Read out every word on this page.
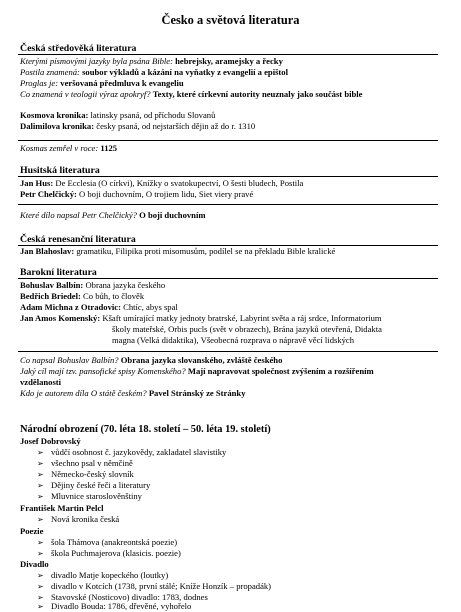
Česko a světová literatura
Česká středověká literatura
Kterými písmovými jazyky byla psána Bible: hebrejsky, aramejsky a řecky
Postila znamená: soubor výkladů a kázání na vyňatky z evangelií a epištol
Proglas je: veršovaná předmluva k evangeliu
Co znamená v teologii výraz apokryf? Texty, které církevní autority neuznaly jako součást bible
Kosmova kronika: latinsky psaná, od příchodu Slovanů
Dalimilova kronika: česky psaná, od nejstarších dějin až do r. 1310
Kosmas zemřel v roce: 1125
Husitská literatura
Jan Hus: De Ecclesia (O církvi), Knížky o svatokupectví, O šesti bludech, Postila
Petr Chelčický: O boji duchovním, O trojiem lidu, Siet viery pravé
Které dílo napsal Petr Chelčický? O boji duchovním
Česká renesanční literatura
Jan Blahoslav: gramatiku, Filipika proti misomusům, podílel se na překladu Bible kralické
Barokní literatura
Bohuslav Balbín: Obrana jazyka českého
Bedřich Briedel: Co bůh, to člověk
Adam Michna z Otradovic: Chtíc, abys spal
Jan Amos Komenský: Kšaft umírající matky jednoty bratrské, Labyrint světa a ráj srdce, Informatorium
školy mateřské, Orbis pucls (svět v obrazech), Brána jazyků otevřená, Didakta
magna (Velká didaktika), Všeobecná rozprava o nápravě věcí lidských
Co napsal Bohuslav Balbín? Obrana jazyka slovanského, zvláště českého
Jaký cíl mají tzv. pansofické spisy Komenského? Mají napravovat společnost zvýšením a rozšířením
vzdělanosti
Kdo je autorem díla O státě českém? Pavel Stránský ze Stránky
Národní obrození (70. léta 18. století – 50. léta 19. století)
Josef Dobrovský
➢ vůdčí osobnost č. jazykovědy, zakladatel slavistiky
➢ všechno psal v němčině
➢ Německo-český slovník
➢ Dějiny české řeči a literatury
➢ Mluvnice staroslověnštiny
František Martin Pelcl
➢ Nová kronika česká
Poezie
➢ šola Thámova (anakreontská poezie)
➢ škola Puchmajerova (klasicis. poezie)
Divadlo
➢ divadlo Matje kopeckého (loutky)
➢ divadlo v Kotcích (1738, první stálé; Kníže Honzík – propadák)
➢ Stavovské (Nosticovo) divadlo: 1783, dodnes
➢ Divadlo Bouda: 1786, dřevěné, vyhořelo
